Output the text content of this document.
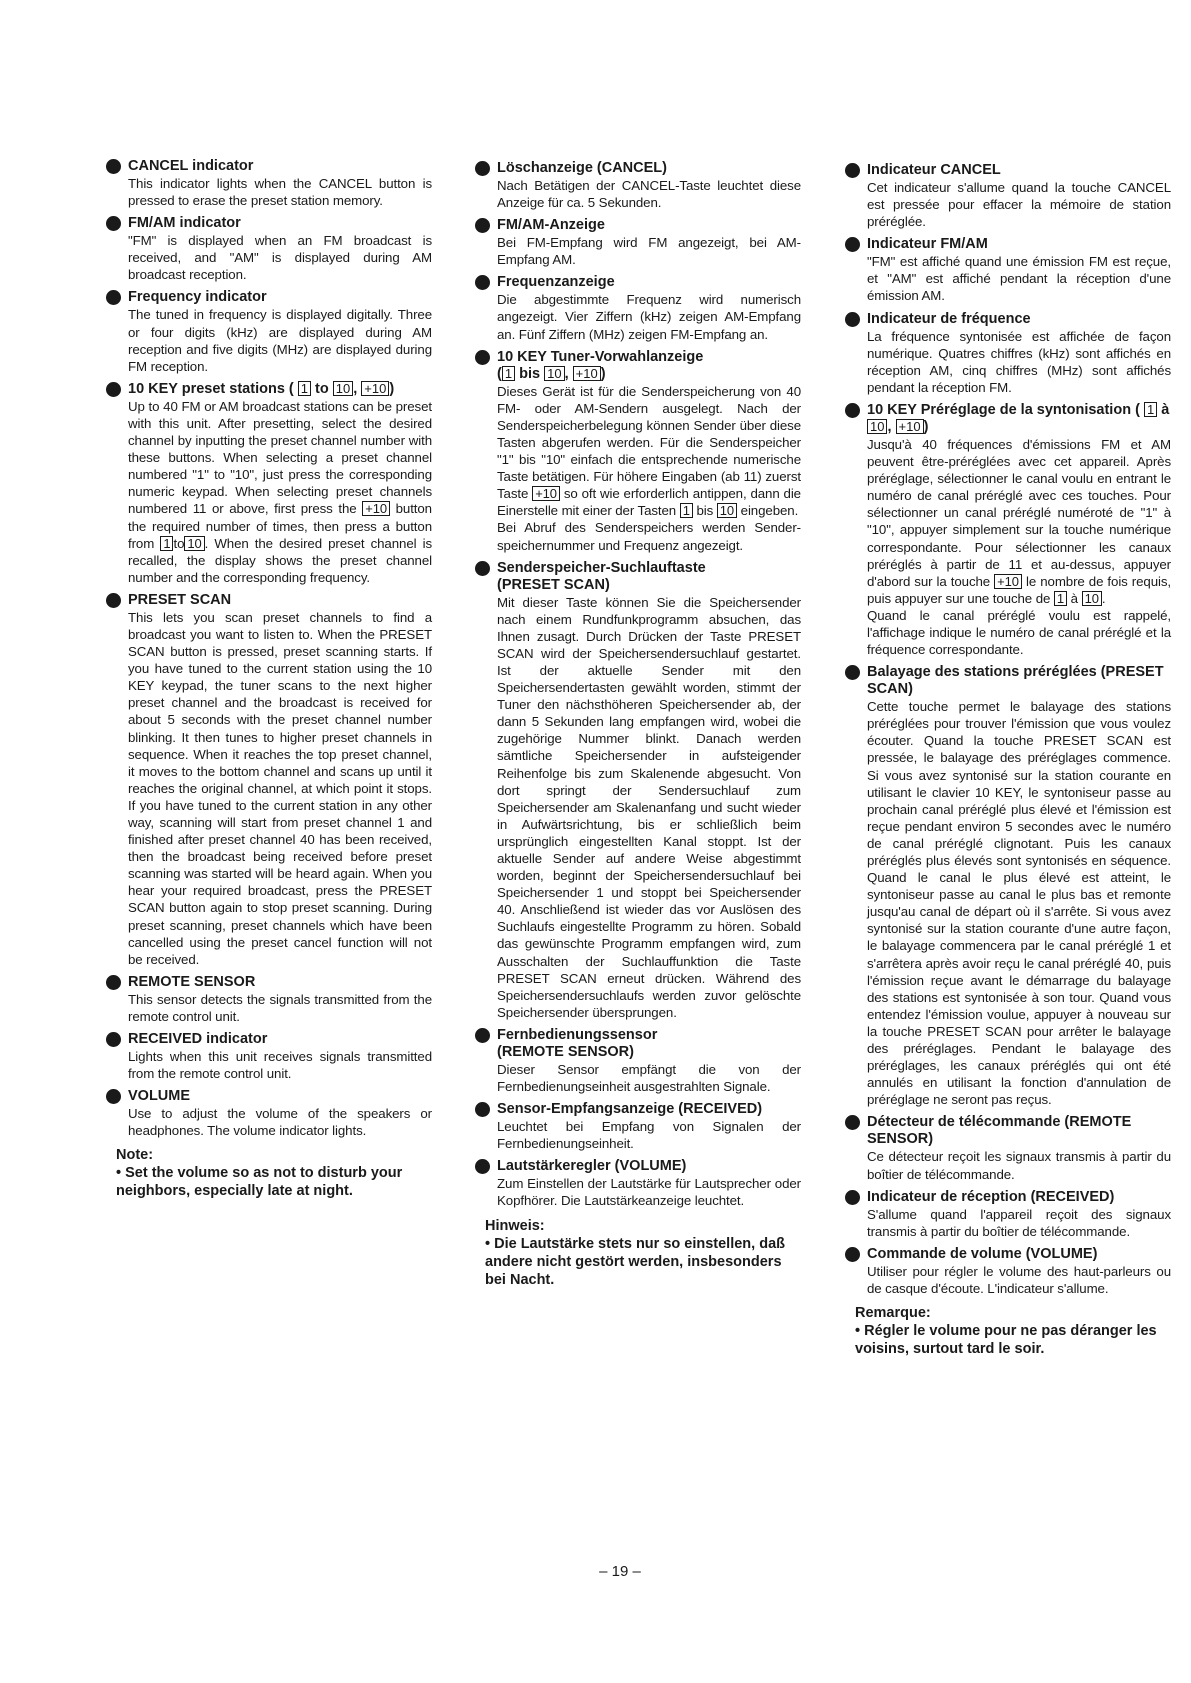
CANCEL indicator
This indicator lights when the CANCEL button is pressed to erase the preset station memory.
FM/AM indicator
"FM" is displayed when an FM broadcast is received, and "AM" is displayed during AM broadcast reception.
Frequency indicator
The tuned in frequency is displayed digitally. Three or four digits (kHz) are displayed during AM reception and five digits (MHz) are displayed during FM reception.
10 KEY preset stations ( 1 to 10 , +10 )
Up to 40 FM or AM broadcast stations can be preset with this unit. After presetting, select the desired channel by inputting the preset channel number with these buttons. When selecting a preset channel numbered "1" to "10", just press the corresponding numeric keypad. When selecting preset channels numbered 11 or above, first press the +10 button the required number of times, then press a button from 1 to 10 . When the desired preset channel is recalled, the display shows the preset channel number and the corresponding frequency.
PRESET SCAN
This lets you scan preset channels to find a broadcast you want to listen to. When the PRESET SCAN button is pressed, preset scanning starts. If you have tuned to the current station using the 10 KEY keypad, the tuner scans to the next higher preset channel and the broadcast is received for about 5 seconds with the preset channel number blinking. It then tunes to higher preset channels in sequence. When it reaches the top preset channel, it moves to the bottom channel and scans up until it reaches the original channel, at which point it stops. If you have tuned to the current station in any other way, scanning will start from preset channel 1 and finished after preset channel 40 has been received, then the broadcast being received before preset scanning was started will be heard again. When you hear your required broadcast, press the PRESET SCAN button again to stop preset scanning. During preset scanning, preset channels which have been cancelled using the preset cancel function will not be received.
REMOTE SENSOR
This sensor detects the signals transmitted from the remote control unit.
RECEIVED indicator
Lights when this unit receives signals transmitted from the remote control unit.
VOLUME
Use to adjust the volume of the speakers or headphones. The volume indicator lights.
Note:
• Set the volume so as not to disturb your neighbors, especially late at night.
Löschanzeige (CANCEL)
Nach Betätigen der CANCEL-Taste leuchtet diese Anzeige für ca. 5 Sekunden.
FM/AM-Anzeige
Bei FM-Empfang wird FM angezeigt, bei AM-Empfang AM.
Frequenzanzeige
Die abgestimmte Frequenz wird numerisch angezeigt. Vier Ziffern (kHz) zeigen AM-Empfang an. Fünf Ziffern (MHz) zeigen FM-Empfang an.
10 KEY Tuner-Vorwahlanzeige
( 1 bis 10 , +10 )
Dieses Gerät ist für die Senderspeicherung von 40 FM- oder AM-Sendern ausgelegt. Nach der Senderspeicherbelegung können Sender über diese Tasten abgerufen werden. Für die Senderspeicher "1" bis "10" einfach die entsprechende numerische Taste betätigen. Für höhere Eingaben (ab 11) zuerst Taste +10 so oft wie erforderlich antippen, dann die Einerstelle mit einer der Tasten 1 bis 10 eingeben.
Bei Abruf des Senderspeichers werden Sender-speichernummer und Frequenz angezeigt.
Senderspeicher-Suchlauftaste
(PRESET SCAN)
Mit dieser Taste können Sie die Speichersender nach einem Rundfunkprogramm absuchen, das Ihnen zusagt. Durch Drücken der Taste PRESET SCAN wird der Speichersendersuchlauf gestartet. Ist der aktuelle Sender mit den Speichersendertasten gewählt worden, stimmt der Tuner den nächsthöheren Speichersender ab, der dann 5 Sekunden lang empfangen wird, wobei die zugehörige Nummer blinkt. Danach werden sämtliche Speichersender in aufsteigender Reihenfolge bis zum Skalenende abgesucht. Von dort springt der Sendersuchlauf zum Speichersender am Skalenanfang und sucht wieder in Aufwärtsrichtung, bis er schließlich beim ursprünglich eingestellten Kanal stoppt. Ist der aktuelle Sender auf andere Weise abgestimmt worden, beginnt der Speichersendersuchlauf bei Speichersender 1 und stoppt bei Speichersender 40. Anschließend ist wieder das vor Auslösen des Suchlaufs eingestellte Programm zu hören. Sobald das gewünschte Programm empfangen wird, zum Ausschalten der Suchlauffunktion die Taste PRESET SCAN erneut drücken. Während des Speichersendersuchlaufs werden zuvor gelöschte Speichersender übersprungen.
Fernbedienungssensor
(REMOTE SENSOR)
Dieser Sensor empfängt die von der Fernbedienungseinheit ausgestrahlten Signale.
Sensor-Empfangsanzeige (RECEIVED)
Leuchtet bei Empfang von Signalen der Fernbedienungseinheit.
Lautstärkeregler (VOLUME)
Zum Einstellen der Lautstärke für Lautsprecher oder Kopfhörer. Die Lautstärkeanzeige leuchtet.
Hinweis:
• Die Lautstärke stets nur so einstellen, daß andere nicht gestört werden, insbesonders bei Nacht.
Indicateur CANCEL
Cet indicateur s'allume quand la touche CANCEL est pressée pour effacer la mémoire de station préréglée.
Indicateur FM/AM
"FM" est affiché quand une émission FM est reçue, et "AM" est affiché pendant la réception d'une émission AM.
Indicateur de fréquence
La fréquence syntonisée est affichée de façon numérique. Quatres chiffres (kHz) sont affichés en réception AM, cinq chiffres (MHz) sont affichés pendant la réception FM.
10 KEY Préréglage de la syntonisation ( 1 à 10 , +10 )
Jusqu'à 40 fréquences d'émissions FM et AM peuvent être-préréglées avec cet appareil. Après préréglage, sélectionner le canal voulu en entrant le numéro de canal préréglé avec ces touches. Pour sélectionner un canal préréglé numéroté de "1" à "10", appuyer simplement sur la touche numérique correspondante. Pour sélectionner les canaux préréglés à partir de 11 et au-dessus, appuyer d'abord sur la touche +10 le nombre de fois requis, puis appuyer sur une touche de 1 à 10 .
Quand le canal préréglé voulu est rappelé, l'affichage indique le numéro de canal préréglé et la fréquence correspondante.
Balayage des stations préréglées (PRESET SCAN)
Cette touche permet le balayage des stations préréglées pour trouver l'émission que vous voulez écouter. Quand la touche PRESET SCAN est pressée, le balayage des préréglages commence. Si vous avez syntonisé sur la station courante en utilisant le clavier 10 KEY, le syntoniseur passe au prochain canal préréglé plus élevé et l'émission est reçue pendant environ 5 secondes avec le numéro de canal préréglé clignotant. Puis les canaux préréglés plus élevés sont syntonisés en séquence. Quand le canal le plus élevé est atteint, le syntoniseur passe au canal le plus bas et remonte jusqu'au canal de départ où il s'arrête. Si vous avez syntonisé sur la station courante d'une autre façon, le balayage commencera par le canal préréglé 1 et s'arrêtera après avoir reçu le canal préréglé 40, puis l'émission reçue avant le démarrage du balayage des stations est syntonisée à son tour. Quand vous entendez l'émission voulue, appuyer à nouveau sur la touche PRESET SCAN pour arrêter le balayage des préréglages. Pendant le balayage des préréglages, les canaux préréglés qui ont été annulés en utilisant la fonction d'annulation de préréglage ne seront pas reçus.
Détecteur de télécommande (REMOTE SENSOR)
Ce détecteur reçoit les signaux transmis à partir du boîtier de télécommande.
Indicateur de réception (RECEIVED)
S'allume quand l'appareil reçoit des signaux transmis à partir du boîtier de télécommande.
Commande de volume (VOLUME)
Utiliser pour régler le volume des haut-parleurs ou de casque d'écoute. L'indicateur s'allume.
Remarque:
• Régler le volume pour ne pas déranger les voisins, surtout tard le soir.
– 19 –
